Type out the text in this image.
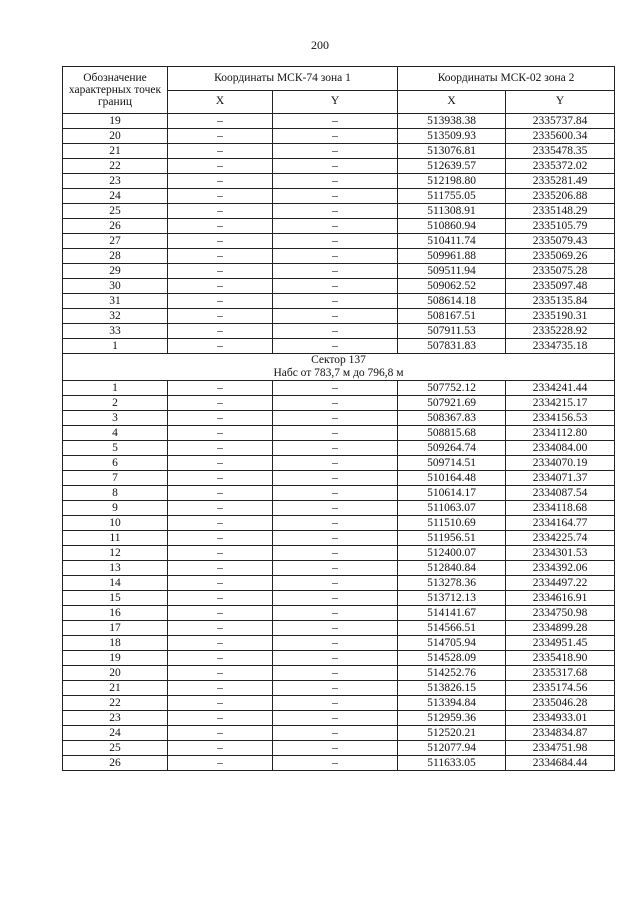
200
Обозначение характерных точек границ	Координаты МСК-74 зона 1		Координаты МСК-02 зона 2	
	X	Y	X	Y
19	–	–	513938.38	2335737.84
20	–	–	513509.93	2335600.34
21	–	–	513076.81	2335478.35
22	–	–	512639.57	2335372.02
23	–	–	512198.80	2335281.49
24	–	–	511755.05	2335206.88
25	–	–	511308.91	2335148.29
26	–	–	510860.94	2335105.79
27	–	–	510411.74	2335079.43
28	–	–	509961.88	2335069.26
29	–	–	509511.94	2335075.28
30	–	–	509062.52	2335097.48
31	–	–	508614.18	2335135.84
32	–	–	508167.51	2335190.31
33	–	–	507911.53	2335228.92
1	–	–	507831.83	2334735.18

Сектор 137
Набс от 783,7 м до 796,8 м				

1	–	–	507752.12	2334241.44
2	–	–	507921.69	2334215.17
3	–	–	508367.83	2334156.53
4	–	–	508815.68	2334112.80
5	–	–	509264.74	2334084.00
6	–	–	509714.51	2334070.19
7	–	–	510164.48	2334071.37
8	–	–	510614.17	2334087.54
9	–	–	511063.07	2334118.68
10	–	–	511510.69	2334164.77
11	–	–	511956.51	2334225.74
12	–	–	512400.07	2334301.53
13	–	–	512840.84	2334392.06
14	–	–	513278.36	2334497.22
15	–	–	513712.13	2334616.91
16	–	–	514141.67	2334750.98
17	–	–	514566.51	2334899.28
18	–	–	514705.94	2334951.45
19	–	–	514528.09	2335418.90
20	–	–	514252.76	2335317.68
21	–	–	513826.15	2335174.56
22	–	–	513394.84	2335046.28
23	–	–	512959.36	2334933.01
24	–	–	512520.21	2334834.87
25	–	–	512077.94	2334751.98
26	–	–	511633.05	2334684.44
